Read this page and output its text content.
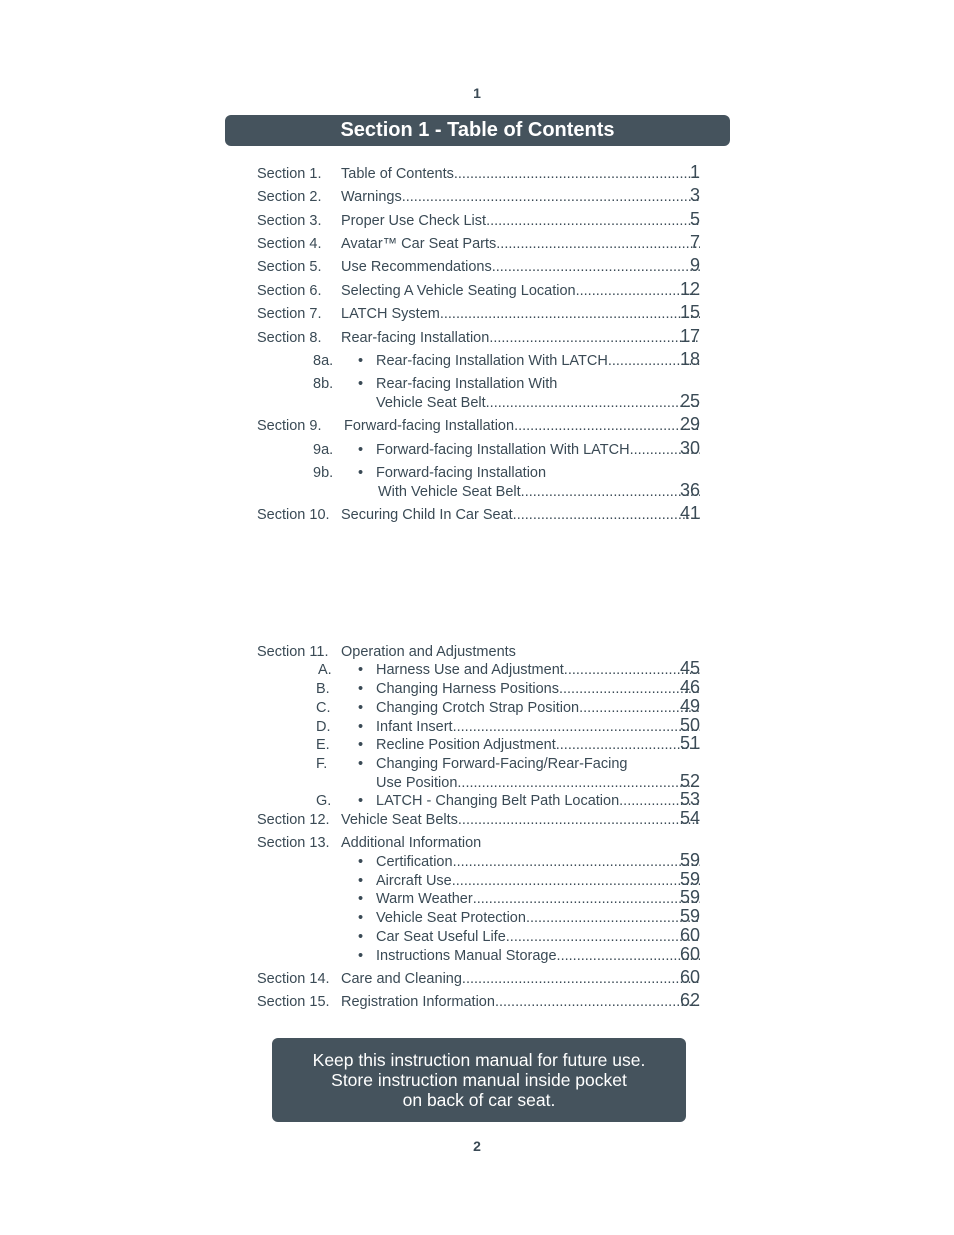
1
Section 1 - Table of Contents
Section 1. Table of Contents .....	1
Section 2. Warnings .....	3
Section 3. Proper Use Check List .....	5
Section 4. Avatar™ Car Seat Parts .....	7
Section 5. Use Recommendations .....	9
Section 6. Selecting A Vehicle Seating Location .....	12
Section 7. LATCH System .....	15
Section 8. Rear-facing Installation .....	17
8a. • Rear-facing Installation With LATCH .....	18
8b. • Rear-facing Installation With
Vehicle Seat Belt .....	25
Section 9. Forward-facing Installation .....	29
9a. • Forward-facing Installation With LATCH .....	30
9b. • Forward-facing Installation
With Vehicle Seat Belt .....	36
Section 10. Securing Child In Car Seat .....	41
Section 11. Operation and Adjustments
A. • Harness Use and Adjustment .....	45
B. • Changing Harness Positions .....	46
C. • Changing Crotch Strap Position .....	49
D. • Infant Insert .....	50
E. • Recline Position Adjustment .....	51
F. • Changing Forward-Facing/Rear-Facing
Use Position .....	52
G. • LATCH - Changing Belt Path Location .....	53
Section 12. Vehicle Seat Belts .....	54
Section 13. Additional Information
• Certification .....	59
• Aircraft Use .....	59
• Warm Weather .....	59
• Vehicle Seat Protection .....	59
• Car Seat Useful Life .....	60
• Instructions Manual Storage .....	60
Section 14. Care and Cleaning .....	60
Section 15. Registration Information .....	62
Keep this instruction manual for future use.
Store instruction manual inside pocket
on back of car seat.
2
